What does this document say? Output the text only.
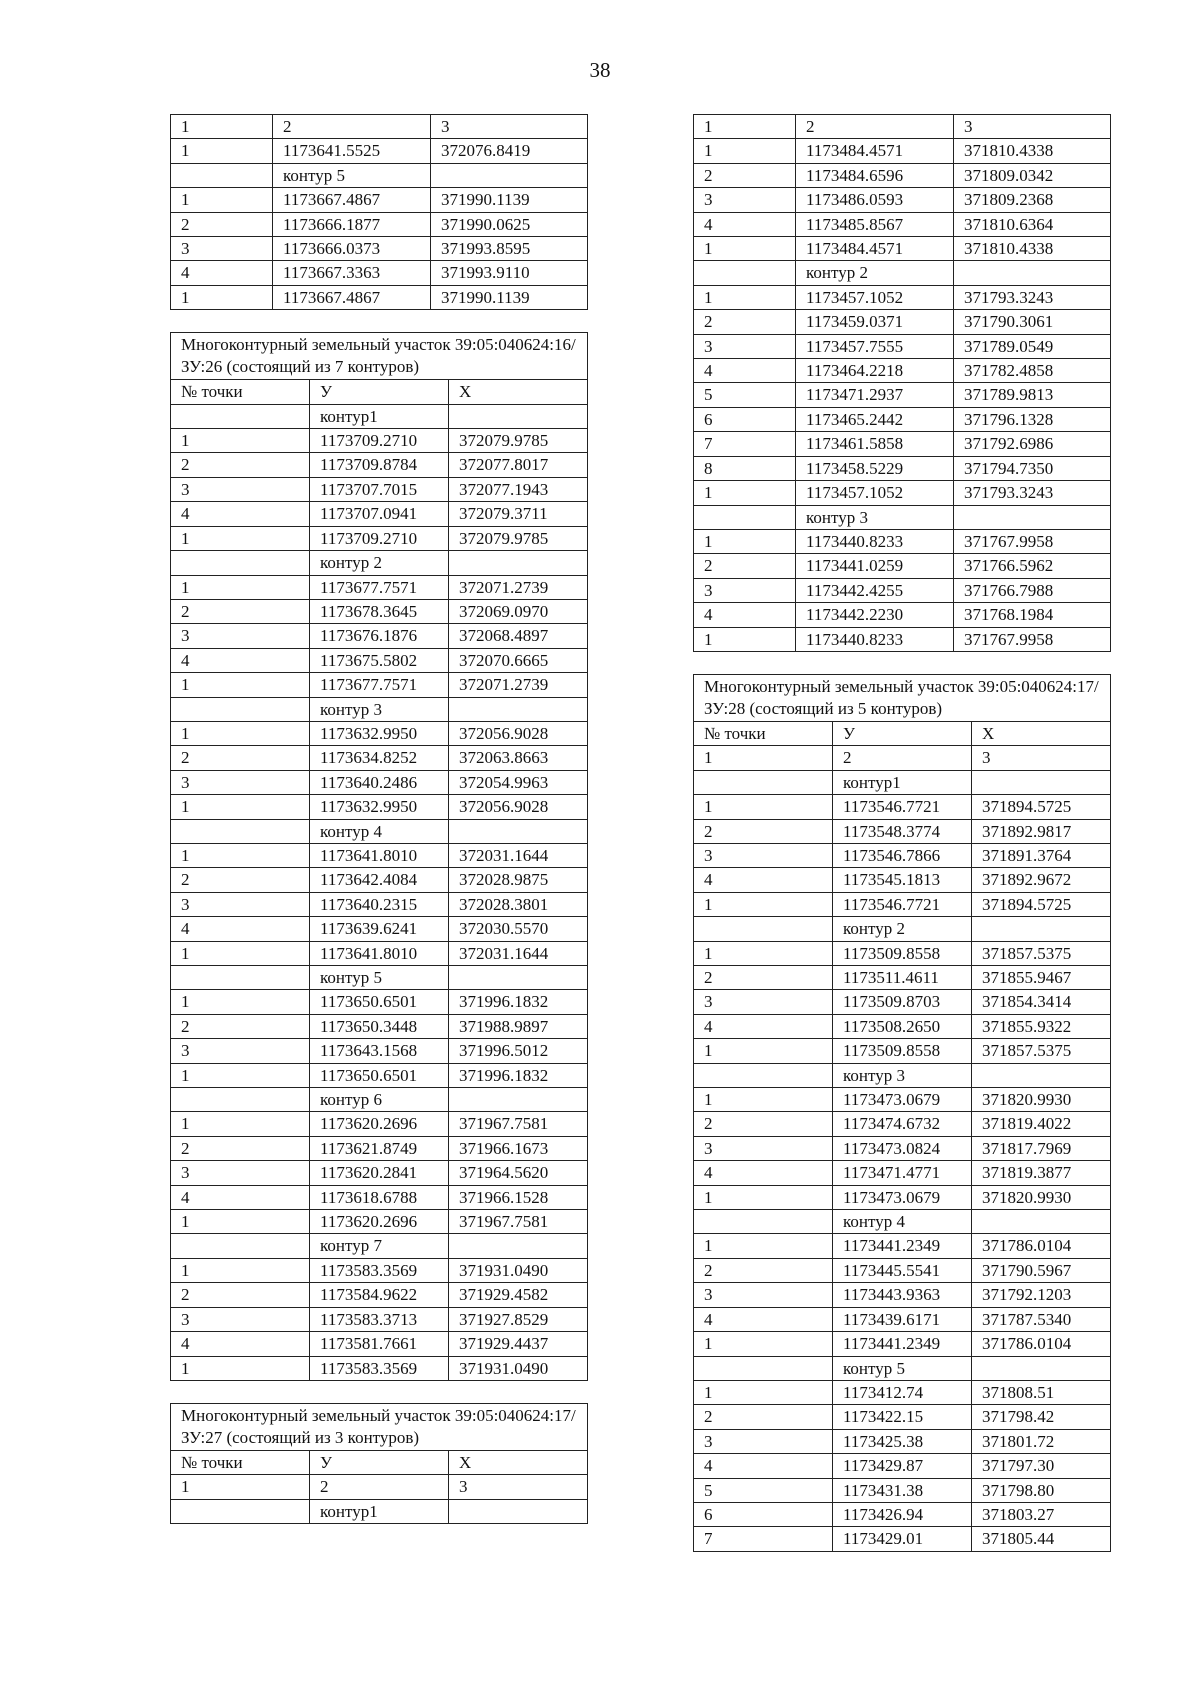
38
1	2	3
1	1173641.5525	372076.8419
	контур 5	
1	1173667.4867	371990.1139
2	1173666.1877	371990.0625
3	1173666.0373	371993.8595
4	1173667.3363	371993.9110
1	1173667.4867	371990.1139
Многоконтурный земельный участок 39:05:040624:16/ЗУ:26 (состоящий из 7 контуров)		
№ точки	У	Х
	контур1	
1	1173709.2710	372079.9785
2	1173709.8784	372077.8017
3	1173707.7015	372077.1943
4	1173707.0941	372079.3711
1	1173709.2710	372079.9785
	контур 2	
1	1173677.7571	372071.2739
2	1173678.3645	372069.0970
3	1173676.1876	372068.4897
4	1173675.5802	372070.6665
1	1173677.7571	372071.2739
	контур 3	
1	1173632.9950	372056.9028
2	1173634.8252	372063.8663
3	1173640.2486	372054.9963
1	1173632.9950	372056.9028
	контур 4	
1	1173641.8010	372031.1644
2	1173642.4084	372028.9875
3	1173640.2315	372028.3801
4	1173639.6241	372030.5570
1	1173641.8010	372031.1644
	контур 5	
1	1173650.6501	371996.1832
2	1173650.3448	371988.9897
3	1173643.1568	371996.5012
1	1173650.6501	371996.1832
	контур 6	
1	1173620.2696	371967.7581
2	1173621.8749	371966.1673
3	1173620.2841	371964.5620
4	1173618.6788	371966.1528
1	1173620.2696	371967.7581
	контур 7	
1	1173583.3569	371931.0490
2	1173584.9622	371929.4582
3	1173583.3713	371927.8529
4	1173581.7661	371929.4437
1	1173583.3569	371931.0490
Многоконтурный земельный участок 39:05:040624:17/ЗУ:27 (состоящий из 3 контуров)		
№ точки	У	Х
1	2	3
	контур1	
1	2	3
1	1173484.4571	371810.4338
2	1173484.6596	371809.0342
3	1173486.0593	371809.2368
4	1173485.8567	371810.6364
1	1173484.4571	371810.4338
	контур 2	
1	1173457.1052	371793.3243
2	1173459.0371	371790.3061
3	1173457.7555	371789.0549
4	1173464.2218	371782.4858
5	1173471.2937	371789.9813
6	1173465.2442	371796.1328
7	1173461.5858	371792.6986
8	1173458.5229	371794.7350
1	1173457.1052	371793.3243
	контур 3	
1	1173440.8233	371767.9958
2	1173441.0259	371766.5962
3	1173442.4255	371766.7988
4	1173442.2230	371768.1984
1	1173440.8233	371767.9958
Многоконтурный земельный участок 39:05:040624:17/ЗУ:28 (состоящий из 5 контуров)		
№ точки	У	Х
1	2	3
	контур1	
1	1173546.7721	371894.5725
2	1173548.3774	371892.9817
3	1173546.7866	371891.3764
4	1173545.1813	371892.9672
1	1173546.7721	371894.5725
	контур 2	
1	1173509.8558	371857.5375
2	1173511.4611	371855.9467
3	1173509.8703	371854.3414
4	1173508.2650	371855.9322
1	1173509.8558	371857.5375
	контур 3	
1	1173473.0679	371820.9930
2	1173474.6732	371819.4022
3	1173473.0824	371817.7969
4	1173471.4771	371819.3877
1	1173473.0679	371820.9930
	контур 4	
1	1173441.2349	371786.0104
2	1173445.5541	371790.5967
3	1173443.9363	371792.1203
4	1173439.6171	371787.5340
1	1173441.2349	371786.0104
	контур 5	
1	1173412.74	371808.51
2	1173422.15	371798.42
3	1173425.38	371801.72
4	1173429.87	371797.30
5	1173431.38	371798.80
6	1173426.94	371803.27
7	1173429.01	371805.44
